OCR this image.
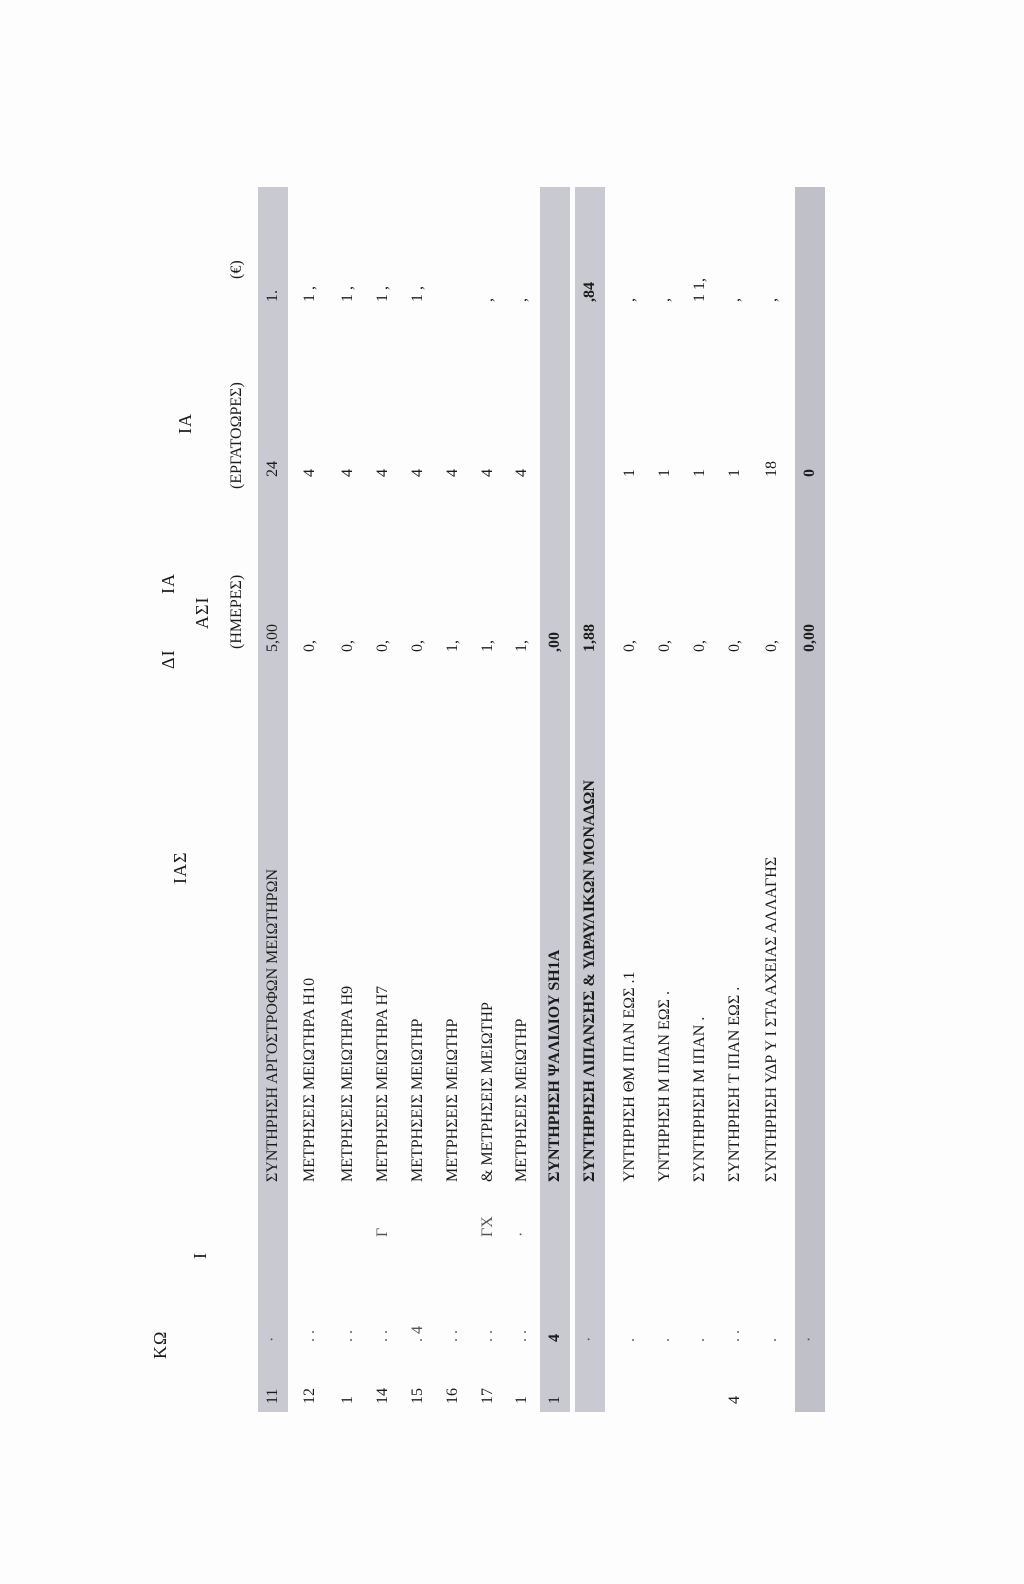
ΚΩ
Ι
ΙΑΣ
ΔΙ
ΙΑ
ΑΣΙ
ΙΑ
(ΗΜΕΡΕΣ)
(ΕΡΓΑΤΟΩΡΕΣ)
(€)
11
·
ΣΥΝΤΗΡΗΣΗ ΑΡΓΟΣΤΡΟΦΩΝ ΜΕΙΩΤΗΡΩΝ
5,00
24
1.
12
. .
ΜΕΤΡΗΣΕΙΣ ΜΕΙΩΤΗΡΑ Η10
0,
4
1 ,
1
. .
ΜΕΤΡΗΣΕΙΣ ΜΕΙΩΤΗΡΑ Η9
0,
4
1 ,
14
. .
Γ
ΜΕΤΡΗΣΕΙΣ ΜΕΙΩΤΗΡΑ Η7
0,
4
1 ,
15
. 4
ΜΕΤΡΗΣΕΙΣ ΜΕΙΩΤΗΡ
0,
4
1 ,
16
. .
ΜΕΤΡΗΣΕΙΣ ΜΕΙΩΤΗΡ
1,
4
17
. .
ΓΧ
& ΜΕΤΡΗΣΕΙΣ ΜΕΙΩΤΗΡ
1,
4
,
1
. .
·
ΜΕΤΡΗΣΕΙΣ ΜΕΙΩΤΗΡ
1,
4
,
1
4
ΣΥΝΤΗΡΗΣΗ ΨΑΛΙΔΙΟΥ SH1A
,00
·
ΣΥΝΤΗΡΗΣΗ ΛΙΠΑΝΣΗΣ & ΥΔΡΑΥΛΙΚΩΝ ΜΟΝΑΔΩΝ
1,88
,84
.
ΥΝΤΗΡΗΣΗ ΘΜ ΙΠΑΝ ΕΩΣ .1
0,
1
,
.
ΥΝΤΗΡΗΣΗ Μ ΙΠΑΝ ΕΩΣ .
0,
1
,
.
ΣΥΝΤΗΡΗΣΗ Μ ΙΠΑΝ .
0,
1
1 1,
4
. .
ΣΥΝΤΗΡΗΣΗ Τ ΙΠΑΝ ΕΩΣ .
0,
1
,
.
ΣΥΝΤΗΡΗΣΗ ΥΔΡ Υ Ι ΣΤΑ ΑΧΕΙΑΣ ΑΛΛΑΓΗΣ
0,
18
,
·
0,00
0
